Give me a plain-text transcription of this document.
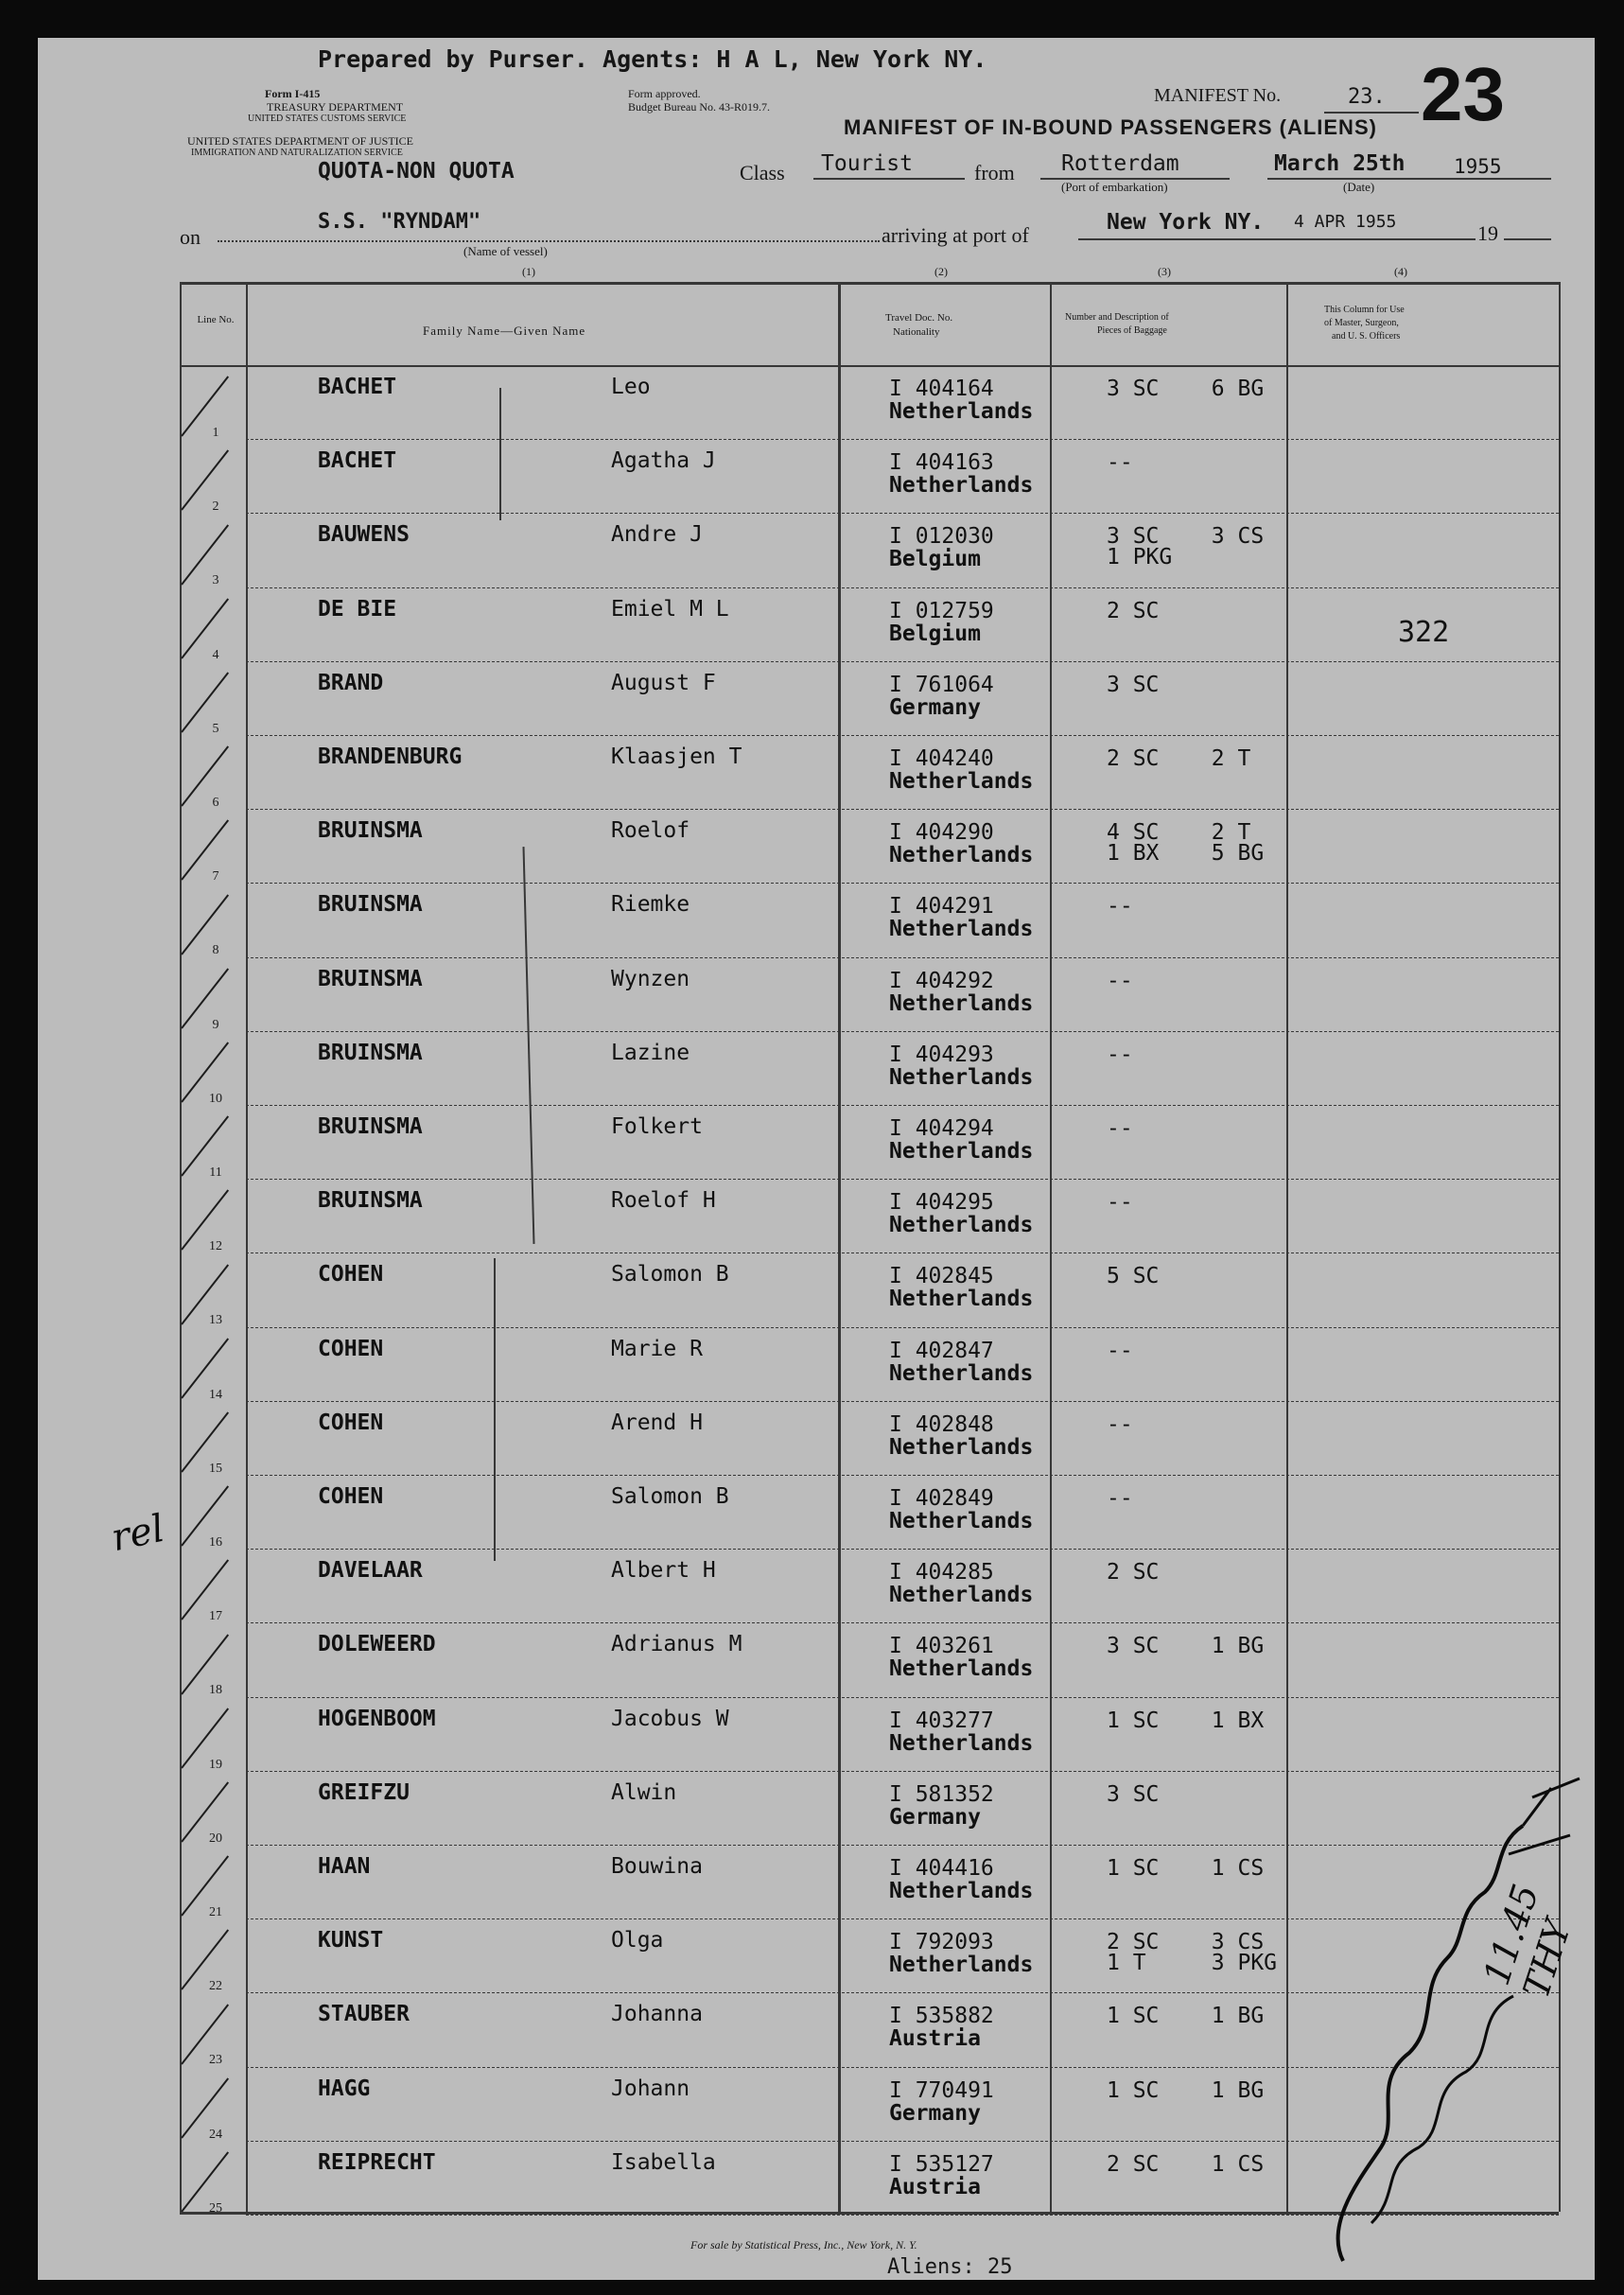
Prepared by Purser. Agents: H A L, New York NY.
Form I-415
TREASURY DEPARTMENT
UNITED STATES CUSTOMS SERVICE
UNITED STATES DEPARTMENT OF JUSTICE
IMMIGRATION AND NATURALIZATION SERVICE
Form approved.
Budget Bureau No. 43-R019.7.
MANIFEST No.	23. 23
MANIFEST OF IN-BOUND PASSENGERS (ALIENS)
QUOTA-NON QUOTA	Class Tourist	from Rotterdam
(Port of embarkation)
March 25th 1955
(Date)
on
S.S. "RYNDAM"
(Name of vessel)
arriving at port of
New York NY. 4 APR 1955	19
(1)	(2)	(3)	(4)
Line No.
Family Name—Given Name
Travel Doc. No.
Nationality
Number and Description of
Pieces of Baggage
This Column for Use
of Master, Surgeon,
and U. S. Officers
1
BACHET	Leo	I 404164
Netherlands
3 SC    6 BG
2
BACHET	Agatha J	I 404163
Netherlands
--
3
BAUWENS	Andre J	I 012030
Belgium
3 SC    3 CS
1 PKG
4
DE BIE	Emiel M L	I 012759
Belgium
2 SC
322
5
BRAND	August F	I 761064
Germany
3 SC
6
BRANDENBURG	Klaasjen T	I 404240
Netherlands
2 SC    2 T
7
BRUINSMA	Roelof	I 404290
Netherlands
4 SC    2 T
1 BX    5 BG
8
BRUINSMA	Riemke	I 404291
Netherlands
--
9
BRUINSMA	Wynzen	I 404292
Netherlands
--
10
BRUINSMA	Lazine	I 404293
Netherlands
--
11
BRUINSMA	Folkert	I 404294
Netherlands
--
12
BRUINSMA	Roelof H	I 404295
Netherlands
--
13
COHEN	Salomon B	I 402845
Netherlands
5 SC
14
COHEN	Marie R	I 402847
Netherlands
--
15
COHEN	Arend H	I 402848
Netherlands
--
16
COHEN	Salomon B	I 402849
Netherlands
--
17
DAVELAAR	Albert H	I 404285
Netherlands
2 SC
18
DOLEWEERD	Adrianus M	I 403261
Netherlands
3 SC    1 BG
19
HOGENBOOM	Jacobus W	I 403277
Netherlands
1 SC    1 BX
20
GREIFZU	Alwin	I 581352
Germany
3 SC
21
HAAN	Bouwina	I 404416
Netherlands
1 SC    1 CS
22
KUNST	Olga	I 792093
Netherlands
2 SC    3 CS
1 T     3 PKG
23
STAUBER	Johanna	I 535882
Austria
1 SC    1 BG
24
HAGG	Johann	I 770491
Germany
1 SC    1 BG
25
REIPRECHT	Isabella	I 535127
Austria
2 SC    1 CS
For sale by Statistical Press, Inc., New York, N. Y.
Aliens: 25
rel
11.45 THY
